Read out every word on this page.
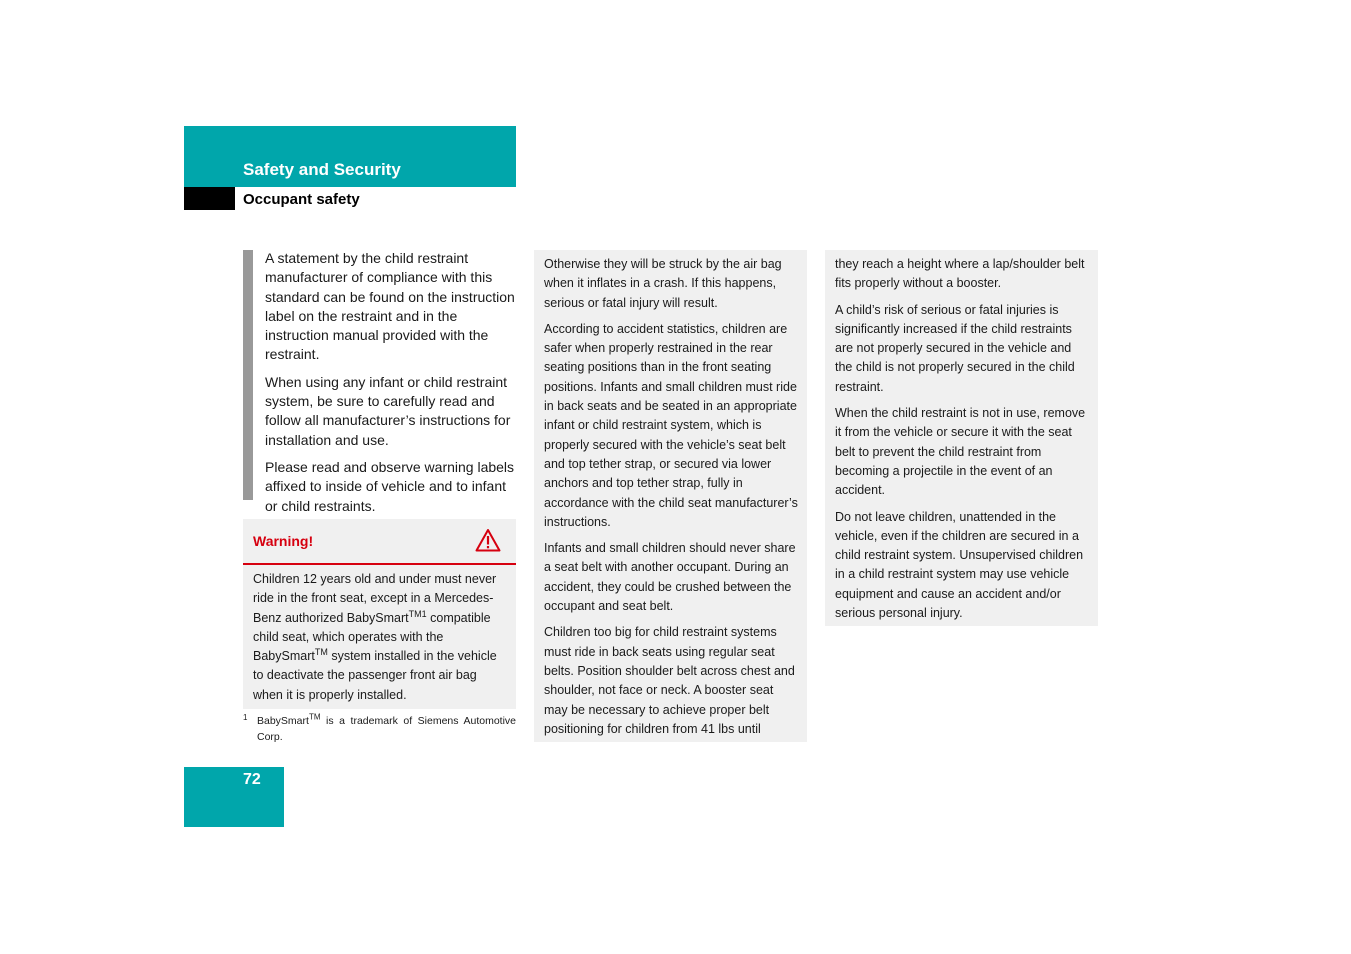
Safety and Security
Occupant safety

A statement by the child restraint manufacturer of compliance with this standard can be found on the instruction label on the restraint and in the instruction manual provided with the restraint.

When using any infant or child restraint system, be sure to carefully read and follow all manufacturer’s instructions for installation and use.

Please read and observe warning labels affixed to inside of vehicle and to infant or child restraints.

Warning!
Children 12 years old and under must never ride in the front seat, except in a Mercedes-Benz authorized BabySmart$^{TM1}$ compatible child seat, which operates with the BabySmart™ system installed in the vehicle to deactivate the passenger front air bag when it is properly installed.
1 BabySmart™ is a trademark of Siemens Automotive Corp.

Otherwise they will be struck by the air bag when it inflates in a crash. If this happens, serious or fatal injury will result.

According to accident statistics, children are safer when properly restrained in the rear seating positions than in the front seating positions. Infants and small children must ride in back seats and be seated in an appropriate infant or child restraint system, which is properly secured with the vehicle’s seat belt and top tether strap, or secured via lower anchors and top tether strap, fully in accordance with the child seat manufacturer’s instructions.

Infants and small children should never share a seat belt with another occupant. During an accident, they could be crushed between the occupant and seat belt.

Children too big for child restraint systems must ride in back seats using regular seat belts. Position shoulder belt across chest and shoulder, not face or neck. A booster seat may be necessary to achieve proper belt positioning for children from 41 lbs until

they reach a height where a lap/shoulder belt fits properly without a booster.

A child’s risk of serious or fatal injuries is significantly increased if the child restraints are not properly secured in the vehicle and the child is not properly secured in the child restraint.

When the child restraint is not in use, remove it from the vehicle or secure it with the seat belt to prevent the child restraint from becoming a projectile in the event of an accident.

Do not leave children, unattended in the vehicle, even if the children are secured in a child restraint system. Unsupervised children in a child restraint system may use vehicle equipment and cause an accident and/or serious personal injury.

72
